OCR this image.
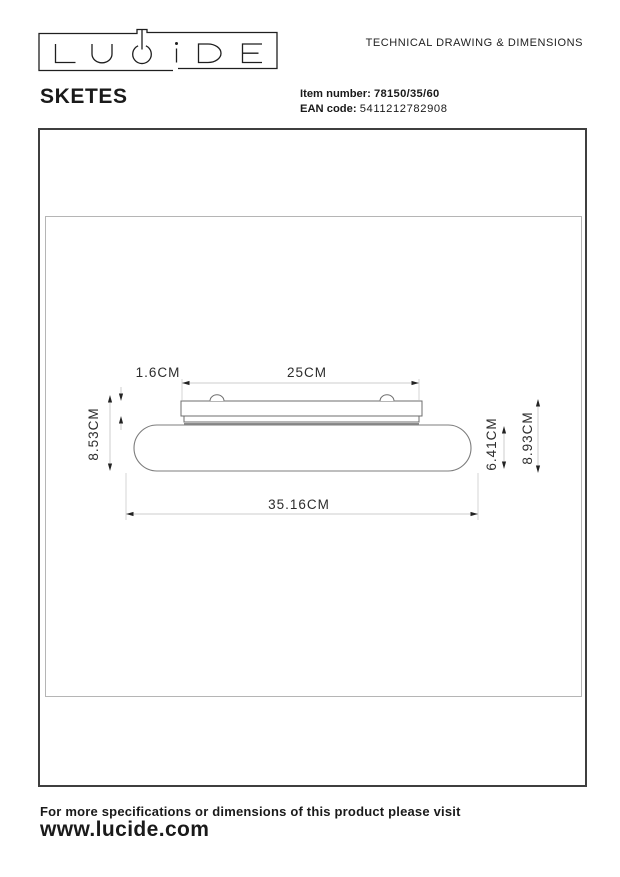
TECHNICAL DRAWING & DIMENSIONS
SKETES	Item number: 78150/35/60
EAN code: 5411212782908
1.6CM	25CM
8.53CM	6.41CM 8.93CM
35.16CM
For more specifications or dimensions of this product please visit
www.lucide.com
